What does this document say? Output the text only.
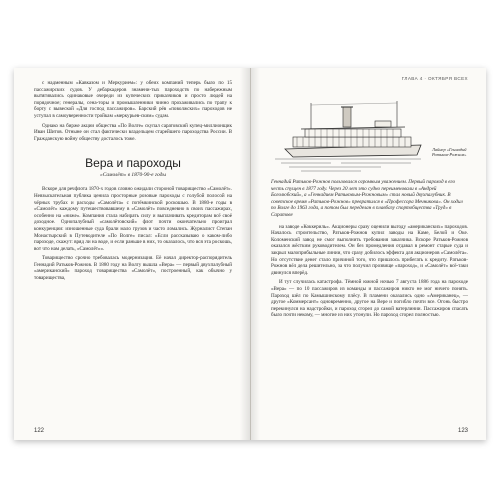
с надменным «Кавказом и Меркурием»: у обеих компаний теперь было по 15 пассажирских судов. У дебаркадеров знамени-тых пароходств по набережным вытягивались одинаковые очереди из купеческих приказчиков и просто людей на порядочное; генералы, сена-торы и промышленники чинно прохаживались по трапу к борту с вывеской «Для господ пассажиров». Барский рёв «поволжских» пароходов не уступал в самоуверенности тройкам «меркурьев-ским» судам.

Однако на бирже акции общества «По Волге» скупал саратовский купец-миллионщик Иван Шитов. Отныне он стал фактически владельцем старейшего пароходства России. В Гражданскую войну обществу досталось тоже.

Вера и пароходы
«Самолёт» в 1870-90-е годы

Вскоре для речфлота 1870-х годов словно ожидали стороной товарищество «Самолёт». Невзыскательная публика ценила просторные розовые пароходы с голубой полосой на чёрных трубах и расходы «Самолёта» с потёмкинской роскошью. В 1880-е годы в «Самолёт» каждому путешествовавшему в «Самолёт» повседневно в своих пассажирах, особенно на «ниже». Компания стала набирать силу и выплачивать кредиторам всё своё доходное. Однопалубный «самолётовский» флот почти окончательно проиграл конкуренции: изношенные суда брали мало грузов и часто ломались. Журналист Степан Монастырский в Путеводителе «По Волге» писал: «Если рассказываю о каком-либо пароходе, скажут: вряд ли на воде, и если раньше в них, то оказалось, что вся эта роскошь, вот что нам делать, «Самолёт»».

Товарищество срочно требовалась модернизация. Её начал директор-распорядитель Геннадий Ратьков-Рожнов. В 1880 году на Волгу вышла «Вера» — первый двухпалубный «американский» пароход товарищества «Самолёт», построенный, как обычно у товарищества,

122
ГЛАВА 4 · ОКТЯБРЯ ВСЕХ
Лайнер «Геннадий Ратьков-Рожнов»
Геннадий Ратьков-Рожнов пользовался огромным уважением. Первый пароход в его честь спущен в 1877 году. Через 20 лет это судно переименовали в «Андрей Боголюбский», а «Геннадием Ратьковым-Рожновым» стал новый двухпалубник. В советское время «Ратьков-Рожнов» превратился в «Профессора Мечникова». Он ходил по Волге до 1963 года, а потом был переделан в плавбазу спортобщества «Труд» в Саратове

на заводе «Коккериль». Акционеры сразу оценили выгоду «американских» пароходов. Началось строительство, Ратьков-Рожнов купил заводы на Каме, Белой и Оке. Коломенский завод не смог выполнить требования заказчика. Вскоре Ратьков-Рожнов оказался жёстким руководителем. Он без промедления отдавал в ремонт старые суда и закрыл малоприбыльные линии, что сразу добилось эффекта для акционеров «Самолёта». Но отсутствие денег стало причиной того, что пришлось прибегать к кредиту. Ратьков-Рожнов вёл дела решительно, за что получил прозвище «пароход», и «Самолёт» всё-таки двинулся вперёд.

И тут случилась катастрофа. Тёмной южной ночью 7 августа 1886 года на пароходе «Вера» — по 10 пассажиров из команды и пассажиров никто не мог ничего понять. Пароход шёл по Камышинскому плёсу. В пламени оказались одно «Американец», — другое «Коммерсант» одновременно, другое на Вере и погибло почти все. Огонь быстро перекинулся на надстройки, и пароход сгорел до самой ватерлинии. Пассажиров спасать было почти некому, — многие из них утонули. Но пароход сгорел полностью.

123
